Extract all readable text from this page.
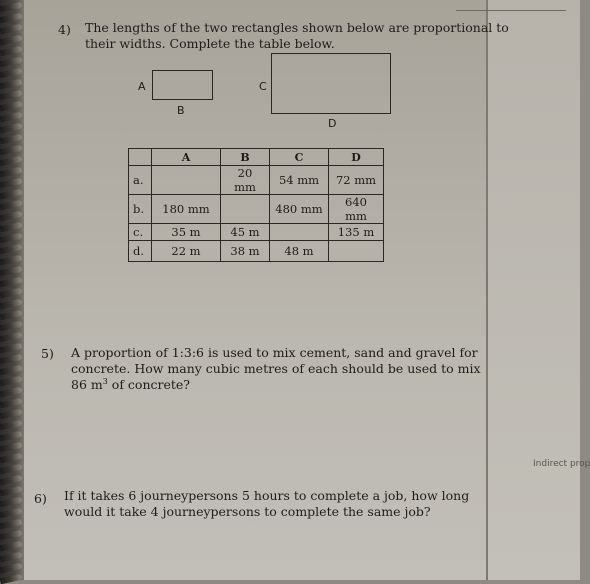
Indirect prop
4) The lengths of the two rectangles shown below are proportional to
their widths. Complete the table below.
A
B
C
D
	A	B	C	D
a.		20 mm	54 mm	72 mm
b.	180 mm		480 mm	640 mm
c.	35 m	45 m		135 m
d.	22 m	38 m	48 m	
5) A proportion of 1:3:6 is used to mix cement, sand and gravel for
concrete. How many cubic metres of each should be used to mix
86 $m^3$ of concrete?
6) If it takes 6 journeypersons 5 hours to complete a job, how long
would it take 4 journeypersons to complete the same job?
